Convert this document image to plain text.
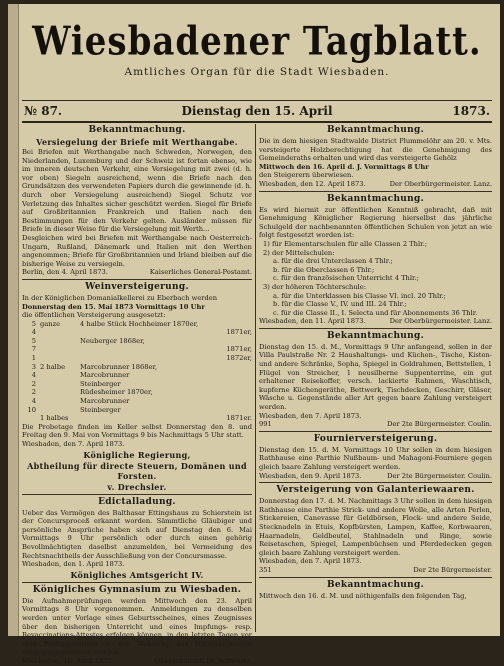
Wiesbadener Tagblatt.
Amtliches Organ für die Stadt Wiesbaden.
№ 87.	Dienstag den 15. April	1873.
Bekanntmachung.
Versiegelung der Briefe mit Werthangabe.

Bei Briefen mit Werthangabe nach Schweden, Norwegen, den Niederlanden, Luxemburg und der Schweiz ist fortan ebenso, wie im inneren deutschen Verkehr, eine Versiegelung mit zwei (d. h. vor oben) Siegeln ausreichend, wenn die Briefe nach den Grundsätzen des verwendeten Papiers durch die gewinnende (d. h. durch ober Versiegelung ausreichend) Siegel Schutz vor Verletzung des Inhaltes sicher geschützt werden. Siegel für Briefe auf Großbritannien Frankreich und Italien nach den Bestimmungen für den Verkehr gelten. Ausländer müssen für Briefe in dieser Weise für die Versiegelung mit Werth...

Desgleichen wird bei Briefen mit Werthangabe nach Oesterreich-Ungarn, Rußland, Dänemark und Italien mit den Werthen angenommen; Briefe für Großbritannien und Irland bleiben auf die bisherige Weise zu versiegeln.

Berlin, den 4. April 1873.	Kaiserliches General-Postamt.
Weinversteigerung.

In der Königlichen Domanialkellerei zu Eberbach werden

Donnerstag den 15. Mai 1873 Vormittags 10 Uhr

die öffentlichen Versteigerung ausgesetzt:

5 ganze	4 halbe Stück Hochheimer 1870er,
4	1871er,
5	Neuberger 1868er,
7	1871er,
1	1872er,
3 2 halbe	Marcobrunner 1868er,
4	Marcobrunner
2	Steinberger
2	Rüdesheimer 1870er,
4	Marcobrunner
10	Steinberger
1 halbes	1871er.

Die Probetage finden im Keller selbst Donnerstag den 8. und Freitag den 9. Mai von Vormittags 9 bis Nachmittags 5 Uhr statt.

Wiesbaden, den 7. April 1873.

Königliche Regierung,
Abtheilung für directe Steuern, Domänen und Forsten.
v. Drechsler.
Edictalladung.

Ueber das Vermögen des Balthasar Ettingshaus zu Schierstein ist der Concursproceß erkannt worden. Sämmtliche Gläubiger und persönliche Ansprüche haben sich auf Dienstag den 6. Mai Vormittags 9 Uhr persönlich oder durch einen gehörig Bevollmächtigten daselbst anzumelden, bei Vermeidung des Rechtsnachtheils der Ausschließung von der Concursmasse.

Wiesbaden, den 1. April 1873.

Königliches Amtsgericht IV.
Königliches Gymnasium zu Wiesbaden.

Die Aufnahmeprüfungen werden Mittwoch den 23. April Vormittags 8 Uhr vorgenommen. Anmeldungen zu denselben werden unter Vorlage eines Geburtsscheines, eines Zeugnisses über den bisherigen Unterricht und eines Impfungs- resp. Revaccinations-Attestes erfolgen können, in den letzten Tagen vor dem Prüfungstermin in der Wohnung des Unterzeichneten entgegengenommen werden.

Wiesbaden, 10. April 1873.	Oberschulrath Dr. Schwartz.
Bekanntmachung.

Die in dem hiesigen Stadtwalde District Plummelöhr am 20. v. Mts. versteigerte Holzberechtigung hat die Genehmigung des Gemeinderaths erhalten und wird das versteigerte Gehölz

Mittwoch den 16. April d. J. Vormittags 8 Uhr

den Steigerern überwiesen.

Wiesbaden, den 12. April 1873.	Der Oberbürgermeister. Lanz.
Bekanntmachung.

Es wird hiermit zur öffentlichen Kenntniß gebracht, daß mit Genehmigung Königlicher Regierung hierselbst das jährliche Schulgeld der nachbenannten öffentlichen Schulen von jetzt an wie folgt festgesetzt worden ist:

1) für Elementarschulen für alle Classen 2 Thlr.;

2) der Mittelschulen:

a. für die drei Unterclassen 4 Thlr.;

b. für die Oberclassen 6 Thlr.;

c. für den französischen Unterricht 4 Thlr.;

3) der höheren Töchterschule:

a. für die Unterklassen bis Classe VI. incl. 20 Thlr.;

b. für die Classe V., IV. und III. 24 Thlr.;

c. für die Classe II., I. Selecta und für Abonnements 36 Thlr.

Wiesbaden, den 11. April 1873.	Der Oberbürgermeister. Lanz.
Bekanntmachung.

Dienstag den 15. d. M., Vormittags 9 Uhr anfangend, sollen in der Villa Paulstraße Nr. 2 Haushaltungs- und Küchen-, Tische, Kisten- und andere Schränke, Sopha, Spiegel in Goldrahmen, Bettstellen, 1 Flügel von Streicher, 1 neusilberne Suppenterrine, ein gut erhaltener Reisekoffer, versch. lackierte Rahmen, Waschtisch, kupferne Küchengeräthe, Bettwerk, Tischdecken, Geschirr, Gläser, Wäsche u. Gegenstände aller Art gegen baare Zahlung versteigert werden.

Wiesbaden, den 7. April 1873.

991	Der 2te Bürgermeister. Coulin.
Fournierversteigerung.

Dienstag den 15. d. M. Vormittags 10 Uhr sollen in dem hiesigen Rathhause eine Parthie Nußbaum- und Mahagoni-Fourniere gegen gleich baare Zahlung versteigert werden.

Wiesbaden, den 9. April 1873.	Der 2te Bürgermeister. Coulin.
Versteigerung von Galanteriewaaren.

Donnerstag den 17. d. M. Nachmittags 3 Uhr sollen in dem hiesigen Rathhause eine Parthie Strick- und andere Wolle, alle Arten Perlen, Stickereien, Canevasse für Geldbörsen, Flock- und andere Seide, Stecknadeln in Etuis, Kopfbürsten, Lampen, Kaffee, Korbwaaren, Haarnadeln, Geldbeutel, Stahlnadeln und Ringe, sowie Reisetaschen, Spiegel, Lampenbüchsen und Pferdedecken gegen gleich baare Zahlung versteigert werden.

Wiesbaden, den 7. April 1873.

351	Der 2te Bürgermeister.
Bekanntmachung.

Mittwoch den 16. d. M. und nöthigenfalls den folgenden Tag,
